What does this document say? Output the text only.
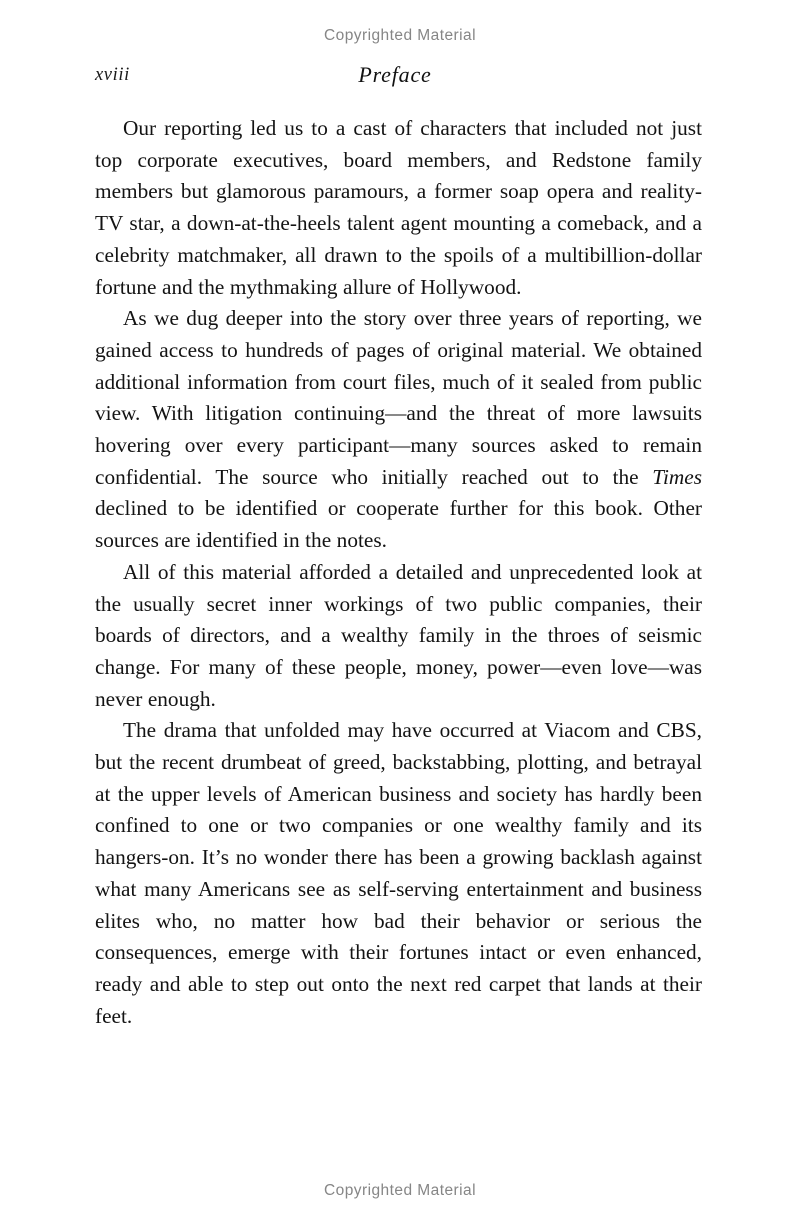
Copyrighted Material
xviii	Preface

Our reporting led us to a cast of characters that included not just top corporate executives, board members, and Redstone family members but glamorous paramours, a former soap opera and reality-TV star, a down-at-the-heels talent agent mounting a comeback, and a celebrity matchmaker, all drawn to the spoils of a multibillion-dollar fortune and the mythmaking allure of Hollywood.

As we dug deeper into the story over three years of reporting, we gained access to hundreds of pages of original material. We obtained additional information from court files, much of it sealed from public view. With litigation continuing—and the threat of more lawsuits hovering over every participant—many sources asked to remain confidential. The source who initially reached out to the Times declined to be identified or cooperate further for this book. Other sources are identified in the notes.

All of this material afforded a detailed and unprecedented look at the usually secret inner workings of two public companies, their boards of directors, and a wealthy family in the throes of seismic change. For many of these people, money, power—even love—was never enough.

The drama that unfolded may have occurred at Viacom and CBS, but the recent drumbeat of greed, backstabbing, plotting, and betrayal at the upper levels of American business and society has hardly been confined to one or two companies or one wealthy family and its hangers-on. It’s no wonder there has been a growing backlash against what many Americans see as self-serving entertainment and business elites who, no matter how bad their behavior or serious the consequences, emerge with their fortunes intact or even enhanced, ready and able to step out onto the next red carpet that lands at their feet.

Copyrighted Material
